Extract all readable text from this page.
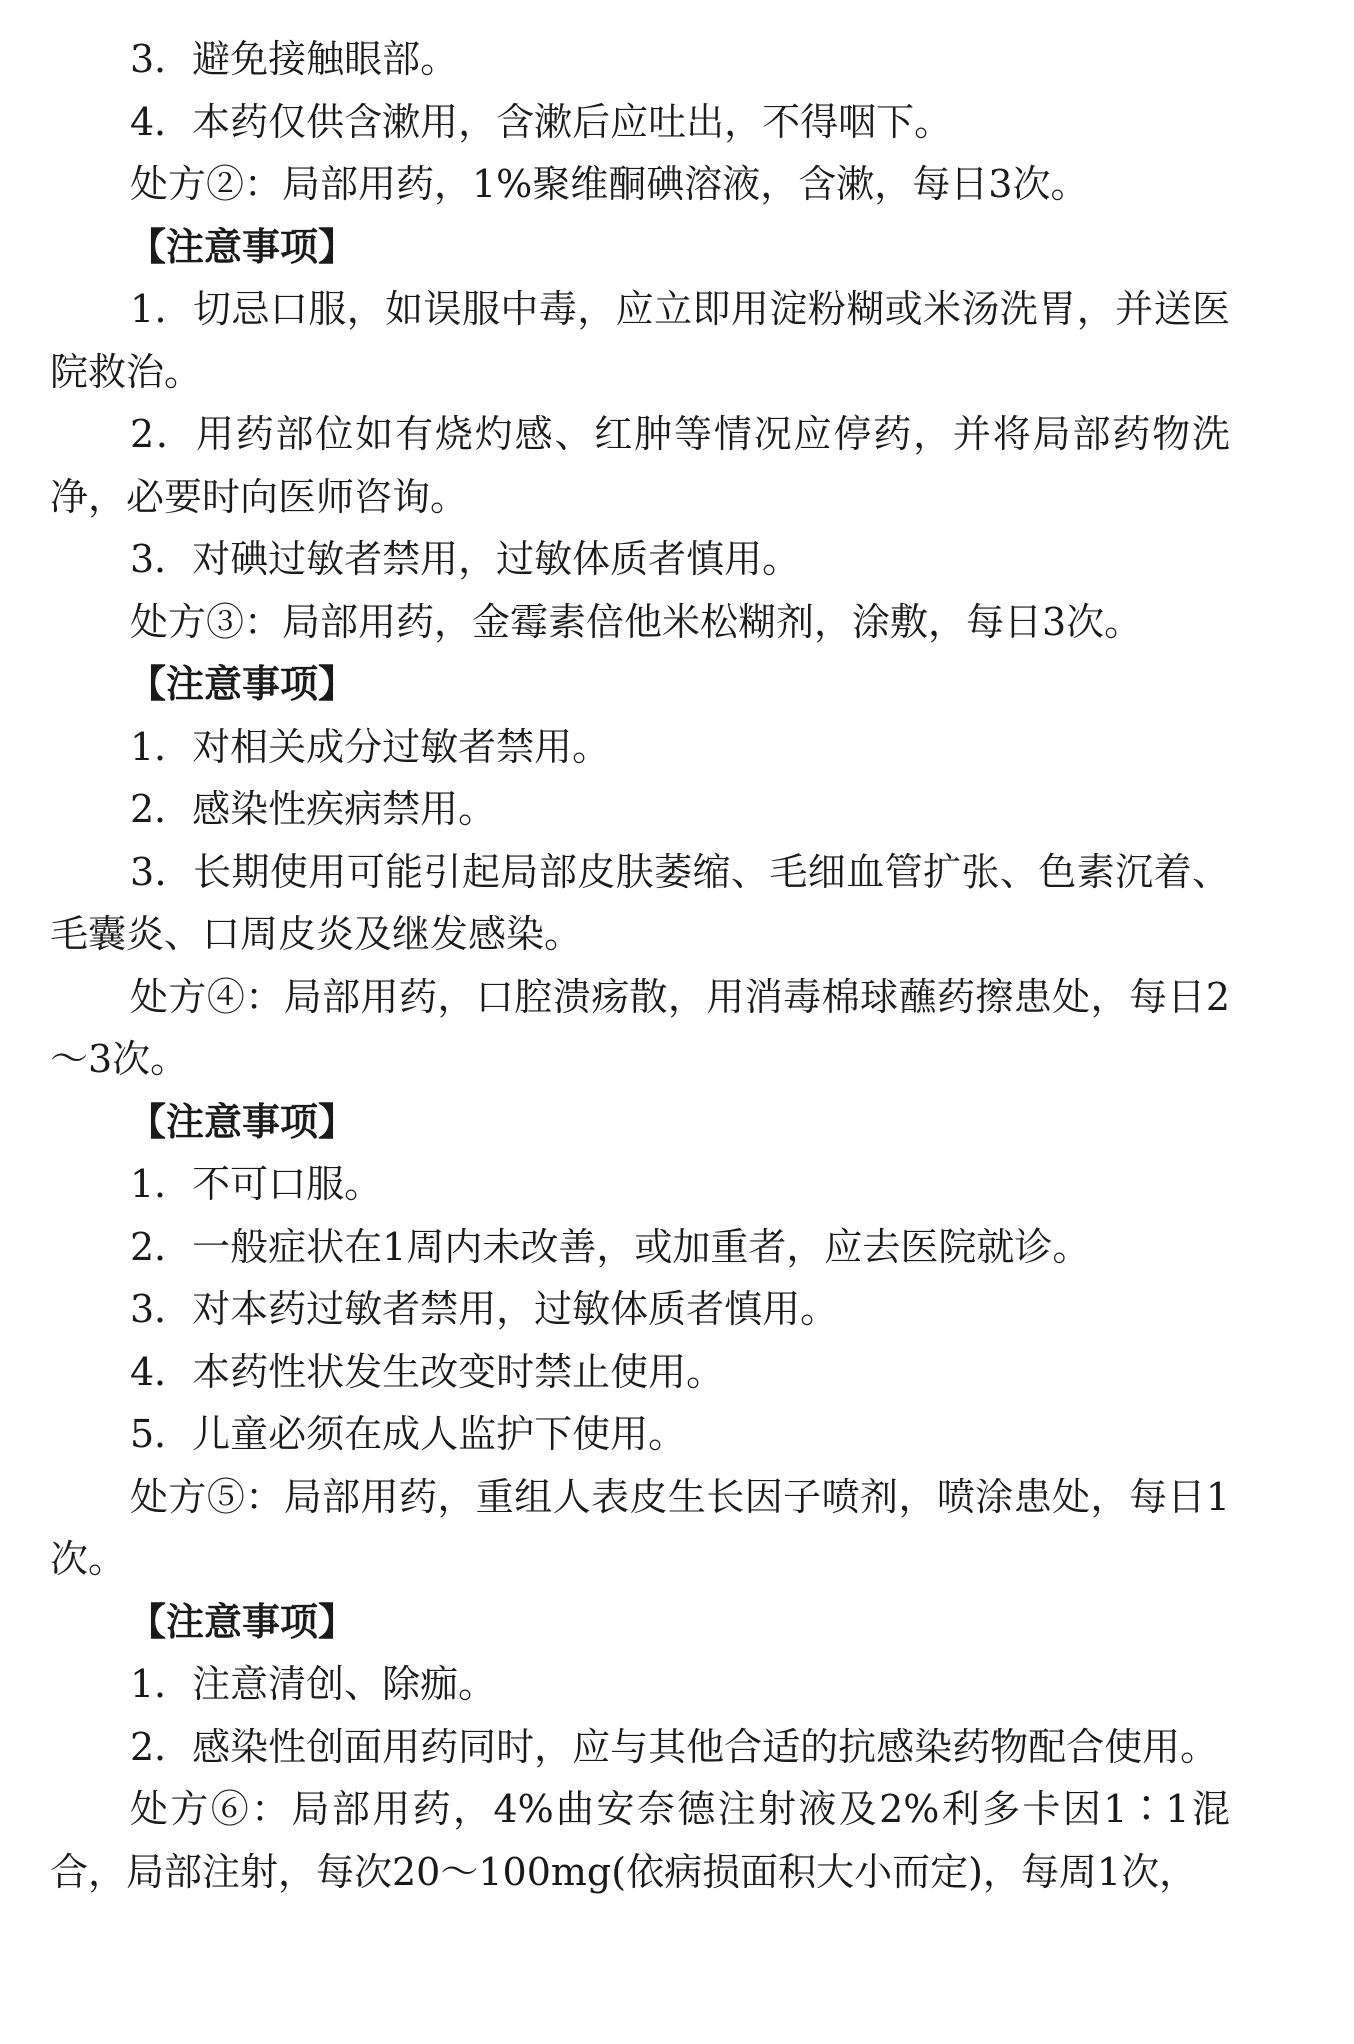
3．避免接触眼部。

4．本药仅供含漱用，含漱后应吐出，不得咽下。

处方②：局部用药，1%聚维酮碘溶液，含漱，每日3次。

【注意事项】

1．切忌口服，如误服中毒，应立即用淀粉糊或米汤洗胃，并送医院救治。

2．用药部位如有烧灼感、红肿等情况应停药，并将局部药物洗净，必要时向医师咨询。

3．对碘过敏者禁用，过敏体质者慎用。

处方③：局部用药，金霉素倍他米松糊剂，涂敷，每日3次。

【注意事项】

1．对相关成分过敏者禁用。

2．感染性疾病禁用。

3．长期使用可能引起局部皮肤萎缩、毛细血管扩张、色素沉着、毛囊炎、口周皮炎及继发感染。

处方④：局部用药，口腔溃疡散，用消毒棉球蘸药擦患处，每日2～3次。

【注意事项】

1．不可口服。

2．一般症状在1周内未改善，或加重者，应去医院就诊。

3．对本药过敏者禁用，过敏体质者慎用。

4．本药性状发生改变时禁止使用。

5．儿童必须在成人监护下使用。

处方⑤：局部用药，重组人表皮生长因子喷剂，喷涂患处，每日1次。

【注意事项】

1．注意清创、除痂。

2．感染性创面用药同时，应与其他合适的抗感染药物配合使用。

处方⑥：局部用药，4%曲安奈德注射液及2%利多卡因1∶1混合，局部注射，每次20～100mg(依病损面积大小而定)，每周1次，
